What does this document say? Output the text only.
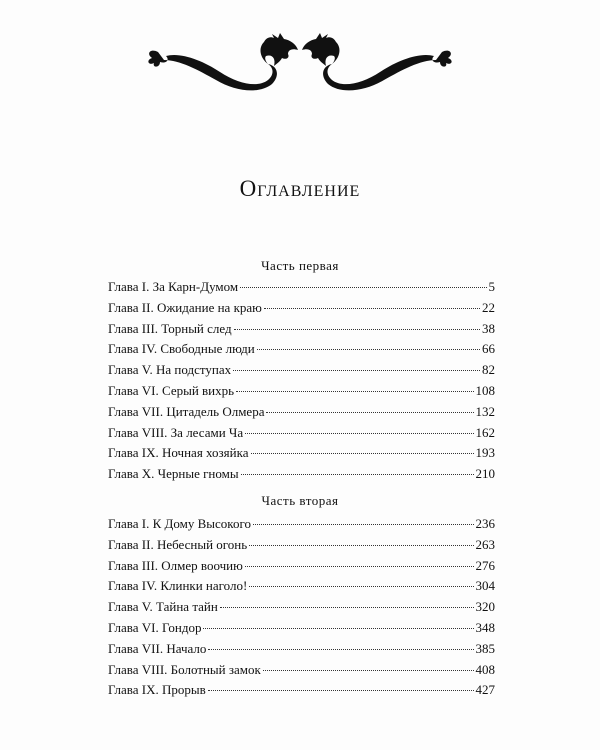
Оглавление
Часть первая
Глава I. За Карн-Думом	5
Глава II. Ожидание на краю	22
Глава III. Торный след	38
Глава IV. Свободные люди	66
Глава V. На подступах	82
Глава VI. Серый вихрь	108
Глава VII. Цитадель Олмера	132
Глава VIII. За лесами Ча	162
Глава IX. Ночная хозяйка	193
Глава X. Черные гномы	210
Часть вторая
Глава I. К Дому Высокого	236
Глава II. Небесный огонь	263
Глава III. Олмер воочию	276
Глава IV. Клинки наголо!	304
Глава V. Тайна тайн	320
Глава VI. Гондор	348
Глава VII. Начало	385
Глава VIII. Болотный замок	408
Глава IX. Прорыв	427
